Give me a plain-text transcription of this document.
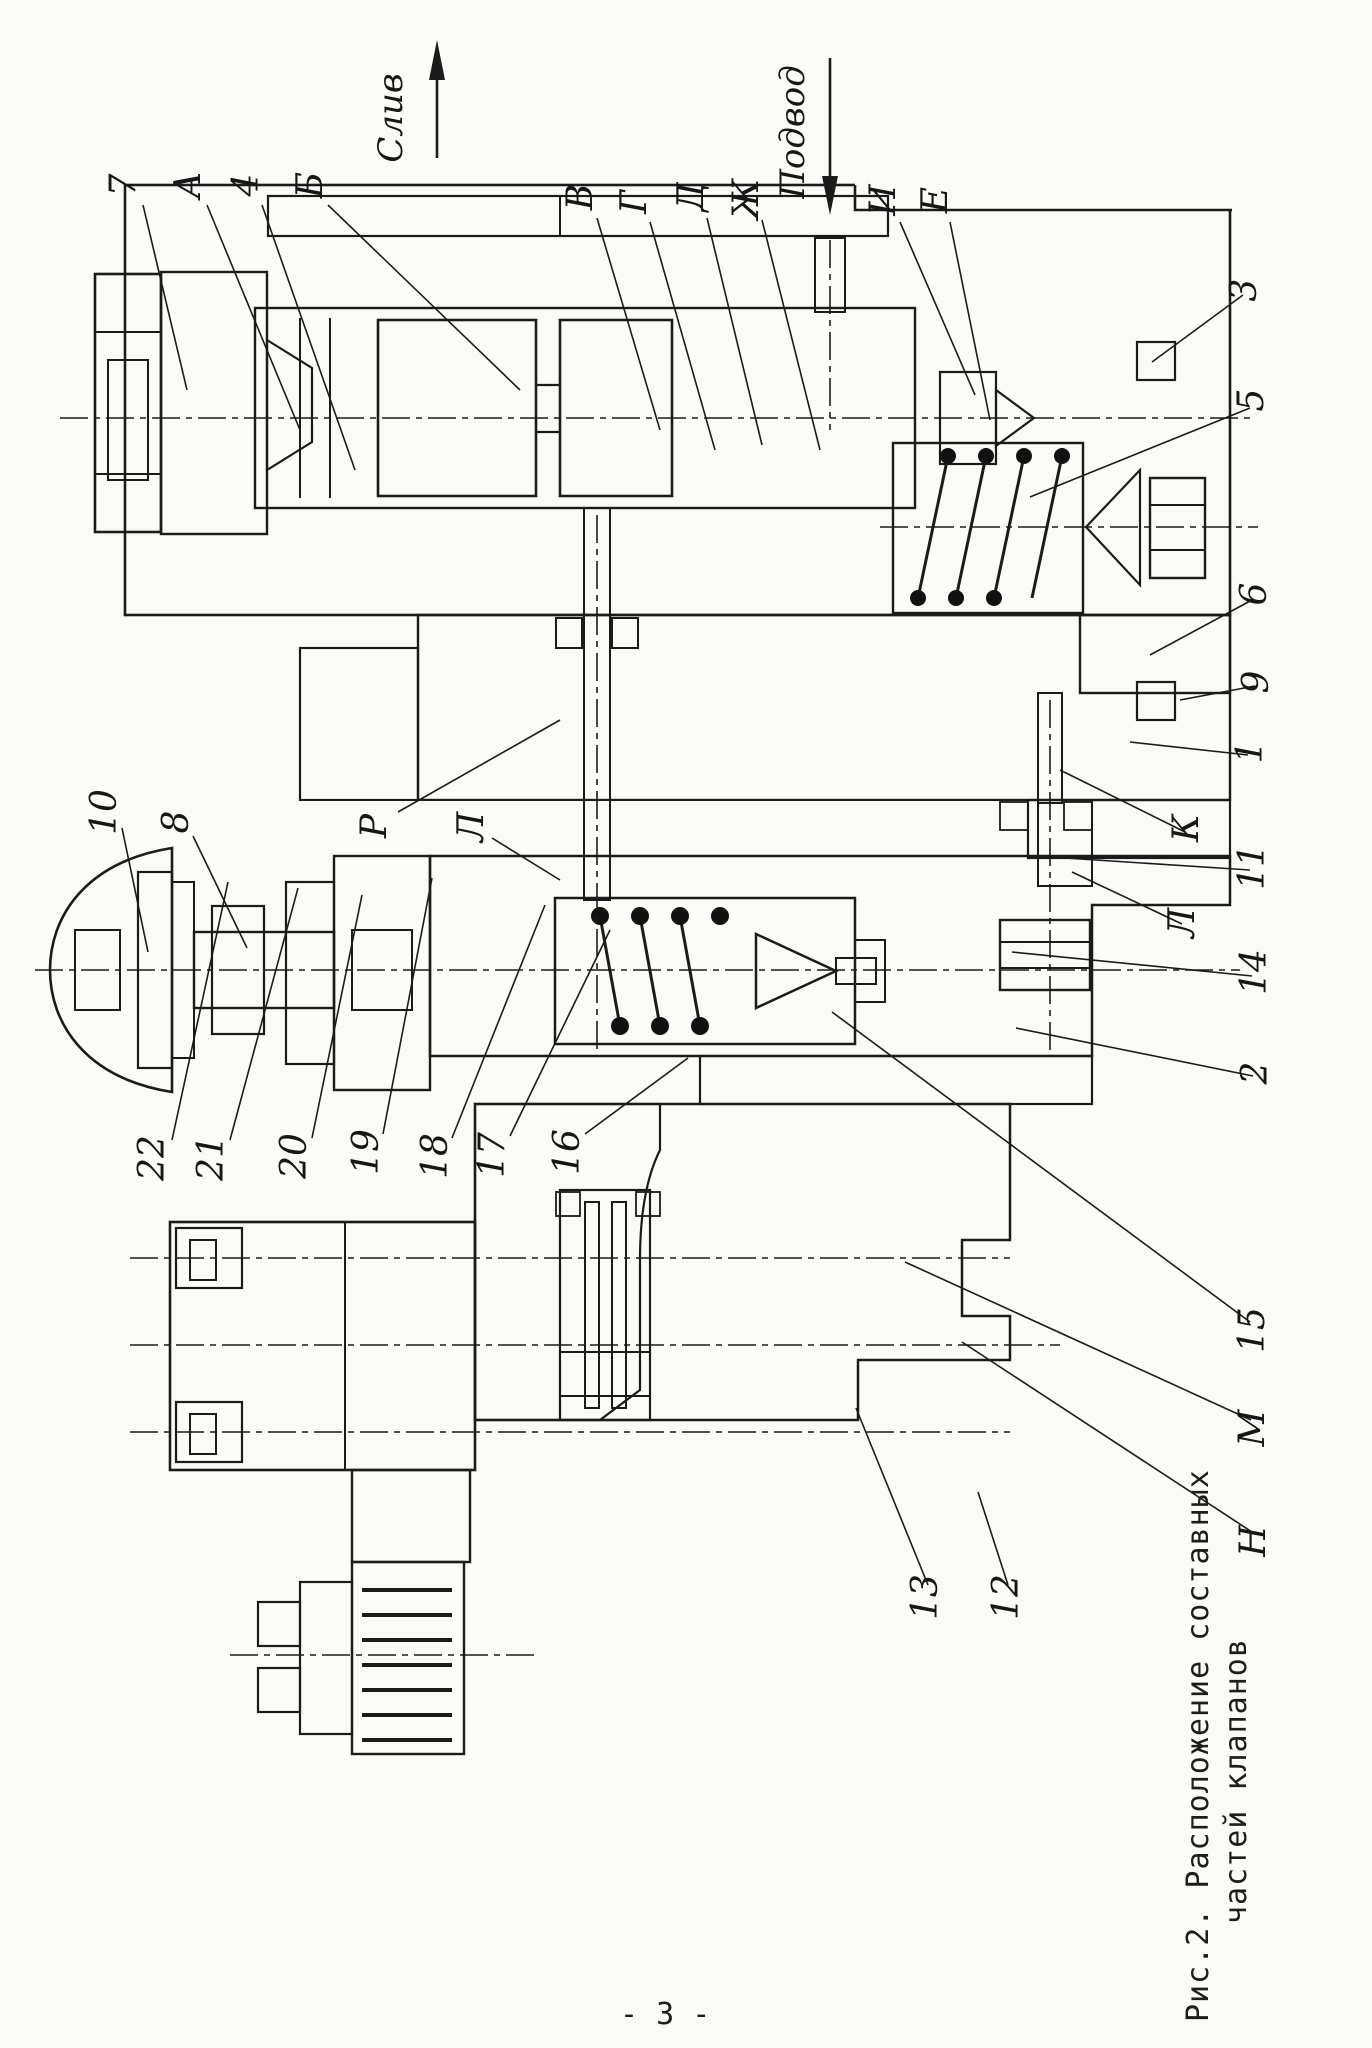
Слив	Подвод
7 А 4 Б	В Г Д Ж	И Е
3
5
6
9
1
К
11
Л
14
2
15
М
Н
13 12
10 8	Р Л
22 21 20 19 18 17 16
Рис.2. Расположение составных частей клапанов
- 3 -
